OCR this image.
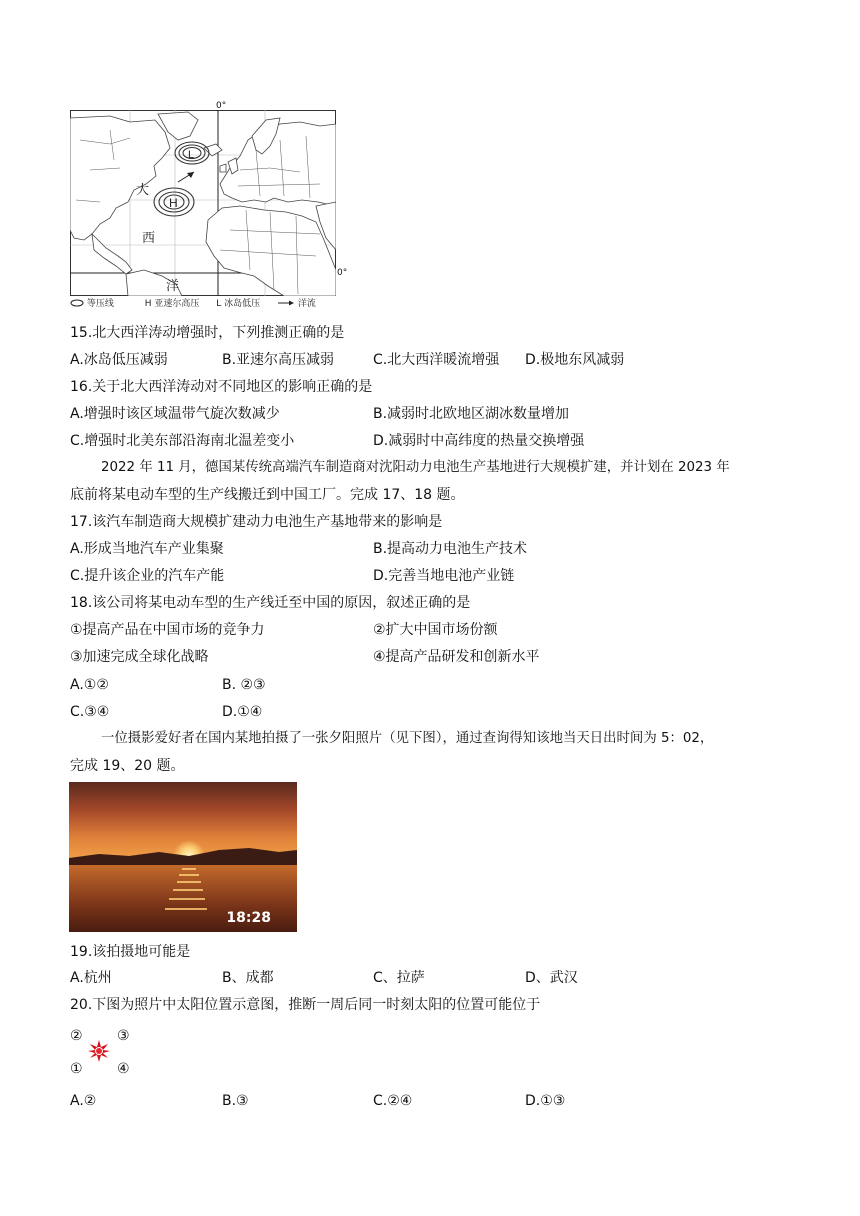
L
H
大
西
洋
0°
0°
等压线	H 亚速尔高压 L 冰岛低压	洋流
15.北大西洋涛动增强时，下列推测正确的是
A.冰岛低压减弱	B.亚速尔高压减弱	C.北大西洋暖流增强 D.极地东风减弱
16.关于北大西洋涛动对不同地区的影响正确的是
A.增强时该区域温带气旋次数减少	B.减弱时北欧地区湖冰数量增加
C.增强时北美东部沿海南北温差变小	D.减弱时中高纬度的热量交换增强
2022 年 11 月，德国某传统高端汽车制造商对沈阳动力电池生产基地进行大规模扩建，并计划在 2023 年
底前将某电动车型的生产线搬迁到中国工厂。完成 17、18 题。
17.该汽车制造商大规模扩建动力电池生产基地带来的影响是
A.形成当地汽车产业集聚	B.提高动力电池生产技术
C.提升该企业的汽车产能	D.完善当地电池产业链
18.该公司将某电动车型的生产线迁至中国的原因，叙述正确的是
①提高产品在中国市场的竞争力	②扩大中国市场份额
③加速完成全球化战略	④提高产品研发和创新水平
A.①②	B. ②③
C.③④	D.①④
一位摄影爱好者在国内某地拍摄了一张夕阳照片（见下图），通过查询得知该地当天日出时间为 5：02，
完成 19、20 题。
18:28
19.该拍摄地可能是
A.杭州	B、成都	C、拉萨	D、武汉
20.下图为照片中太阳位置示意图，推断一周后同一时刻太阳的位置可能位于
② ③
① ④
A.②	B.③	C.②④	D.①③
